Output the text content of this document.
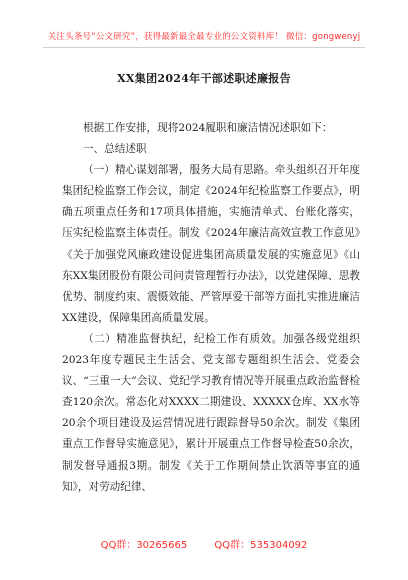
关注头条号“公文研究”，获得最新最全最专业的公文资料库！ 微信：gongwenyj
XX集团2024年干部述职述廉报告

根据工作安排，现将2024履职和廉洁情况述职如下：

一、总结述职

（一）精心谋划部署，服务大局有思路。牵头组织召开年度集团纪检监察工作会议，制定《2024年纪检监察工作要点》，明确五项重点任务和17项具体措施，实施清单式、台账化落实，压实纪检监察主体责任。制发《2024年廉洁高效宣教工作意见》《关于加强党风廉政建设促进集团高质量发展的实施意见》《山东XX集团股份有限公司问责管理暂行办法》，以党建保障、思教优势、制度约束、震慑效能、严管厚爱干部等方面扎实推进廉洁XX建设，保障集团高质量发展。

（二）精准监督执纪，纪检工作有质效。加强各级党组织2023年度专题民主生活会、党支部专题组织生活会、党委会议、“三重一大”会议、党纪学习教育情况等开展重点政治监督检查120余次。常态化对XXXX二期建设、XXXXX仓库、XX水等20余个项目建设及运营情况进行跟踪督导50余次。制发《集团重点工作督导实施意见》，累计开展重点工作督导检查50余次，制发督导通报3期。制发《关于工作期间禁止饮酒等事宜的通知》，对劳动纪律、

QQ群：30265665	QQ群：535304092
